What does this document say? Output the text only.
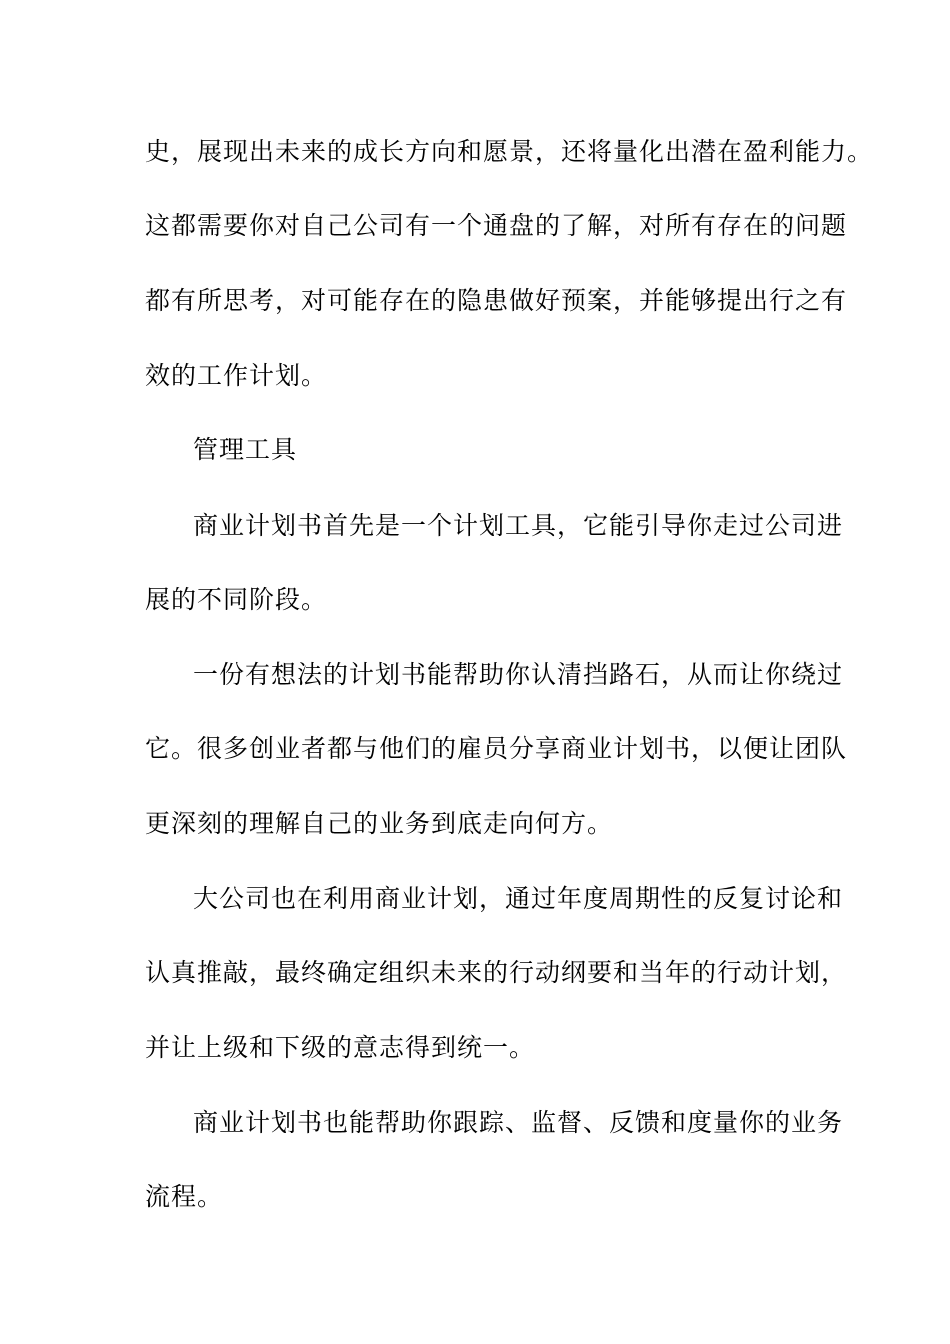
史，展现出未来的成长方向和愿景，还将量化出潜在盈利能力。
这都需要你对自己公司有一个通盘的了解，对所有存在的问题
都有所思考，对可能存在的隐患做好预案，并能够提出行之有
效的工作计划。
管理工具
商业计划书首先是一个计划工具，它能引导你走过公司进
展的不同阶段。
一份有想法的计划书能帮助你认清挡路石，从而让你绕过
它。很多创业者都与他们的雇员分享商业计划书，以便让团队
更深刻的理解自己的业务到底走向何方。
大公司也在利用商业计划，通过年度周期性的反复讨论和
认真推敲，最终确定组织未来的行动纲要和当年的行动计划，
并让上级和下级的意志得到统一。
商业计划书也能帮助你跟踪、监督、反馈和度量你的业务
流程。
